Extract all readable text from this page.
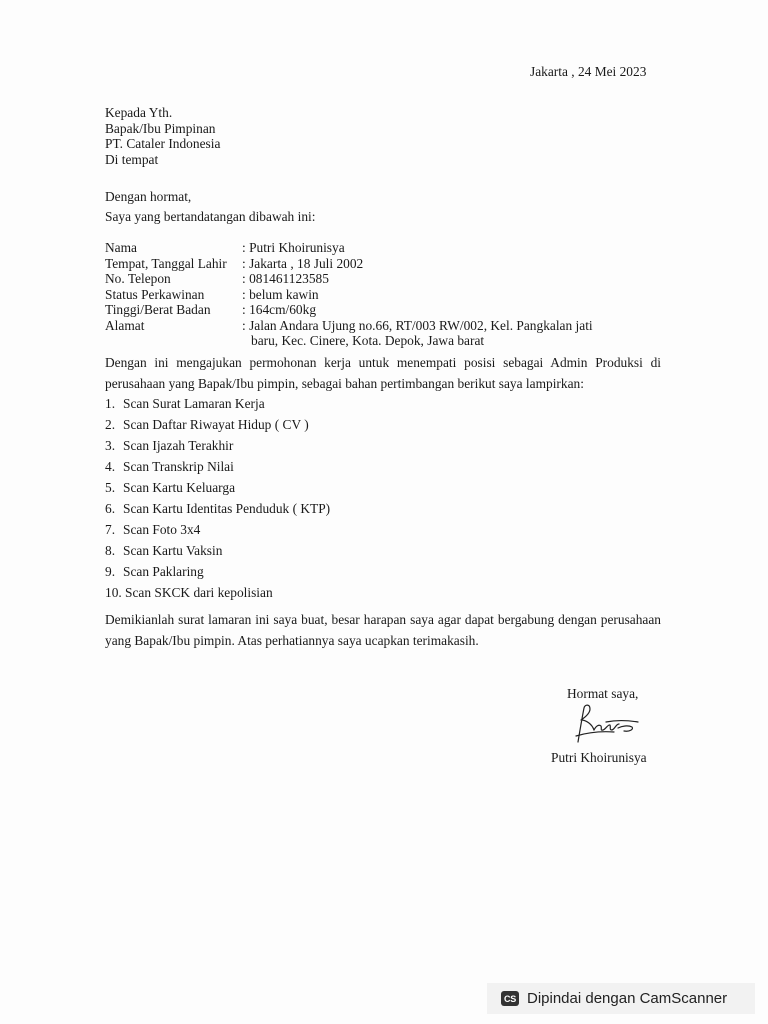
Jakarta , 24 Mei 2023
Kepada Yth.
Bapak/Ibu Pimpinan
PT. Cataler Indonesia
Di tempat
Dengan hormat,
Saya yang bertandatangan dibawah ini:
Nama	: Putri Khoirunisya
Tempat, Tanggal Lahir	: Jakarta , 18 Juli 2002
No. Telepon	: 081461123585
Status Perkawinan	: belum kawin
Tinggi/Berat Badan	: 164cm/60kg
Alamat	: Jalan Andara Ujung no.66, RT/003 RW/002, Kel. Pangkalan jati
baru, Kec. Cinere, Kota. Depok, Jawa barat
Dengan ini mengajukan permohonan kerja untuk menempati posisi sebagai Admin Produksi di perusahaan yang Bapak/Ibu pimpin, sebagai bahan pertimbangan berikut saya lampirkan:
1. Scan Surat Lamaran Kerja
2. Scan Daftar Riwayat Hidup ( CV )
3. Scan Ijazah Terakhir
4. Scan Transkrip Nilai
5. Scan Kartu Keluarga
6. Scan Kartu Identitas Penduduk ( KTP)
7. Scan Foto 3x4
8. Scan Kartu Vaksin
9. Scan Paklaring
10. Scan SKCK dari kepolisian
Demikianlah surat lamaran ini saya buat, besar harapan saya agar dapat bergabung dengan perusahaan yang Bapak/Ibu pimpin. Atas perhatiannya saya ucapkan terimakasih.
Hormat saya,
Putri Khoirunisya
CS Dipindai dengan CamScanner
